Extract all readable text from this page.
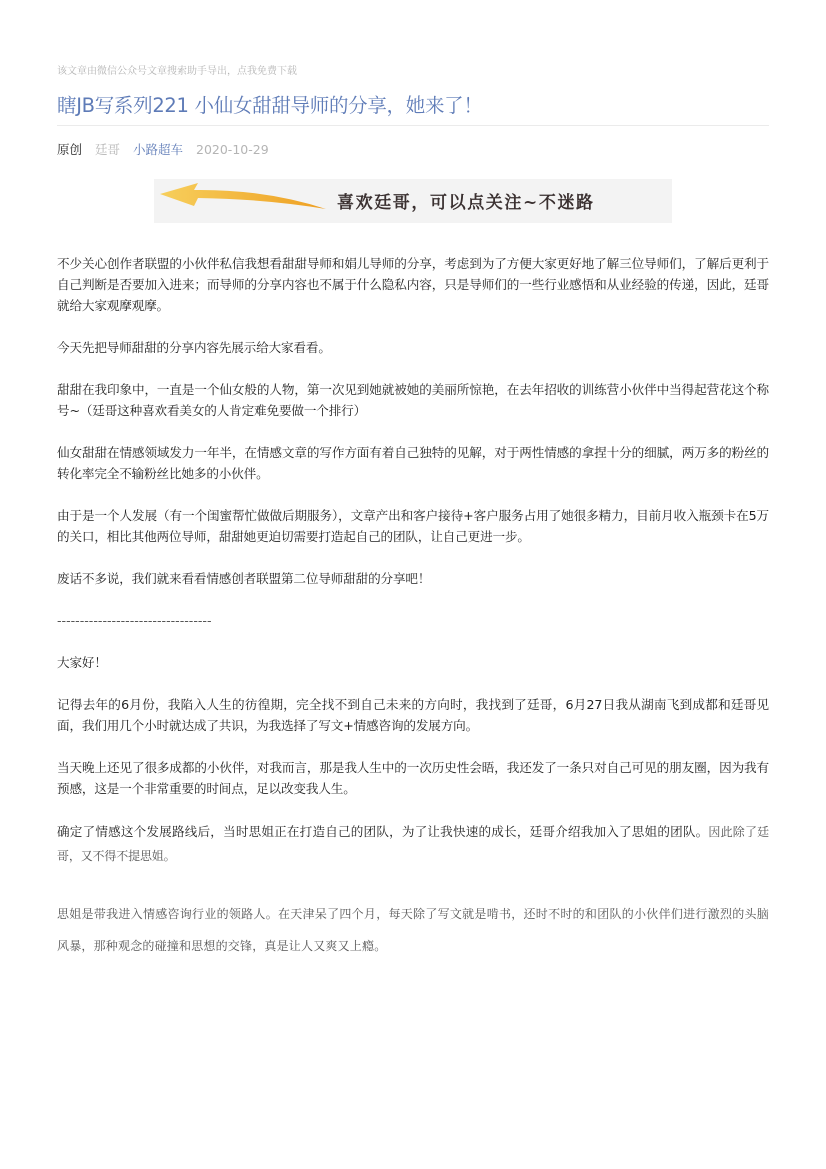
该文章由微信公众号文章搜索助手导出，点我免费下载
瞎JB写系列221 小仙女甜甜导师的分享，她来了！
原创 廷哥 小路超车 2020-10-29
喜欢廷哥，可以点关注~不迷路

不少关心创作者联盟的小伙伴私信我想看甜甜导师和娟儿导师的分享，考虑到为了方便大家更好地了解三位导师们，了解后更利于自己判断是否要加入进来；而导师的分享内容也不属于什么隐私内容，只是导师们的一些行业感悟和从业经验的传递，因此，廷哥就给大家观摩观摩。

今天先把导师甜甜的分享内容先展示给大家看看。

甜甜在我印象中，一直是一个仙女般的人物，第一次见到她就被她的美丽所惊艳，在去年招收的训练营小伙伴中当得起营花这个称号~（廷哥这种喜欢看美女的人肯定难免要做一个排行）

仙女甜甜在情感领域发力一年半，在情感文章的写作方面有着自己独特的见解，对于两性情感的拿捏十分的细腻，两万多的粉丝的转化率完全不输粉丝比她多的小伙伴。

由于是一个人发展（有一个闺蜜帮忙做做后期服务），文章产出和客户接待+客户服务占用了她很多精力，目前月收入瓶颈卡在5万的关口，相比其他两位导师，甜甜她更迫切需要打造起自己的团队，让自己更进一步。

废话不多说，我们就来看看情感创者联盟第二位导师甜甜的分享吧！

----------------------------------

大家好！

记得去年的6月份，我陷入人生的彷徨期，完全找不到自己未来的方向时，我找到了廷哥，6月27日我从湖南飞到成都和廷哥见面，我们用几个小时就达成了共识，为我选择了写文+情感咨询的发展方向。

当天晚上还见了很多成都的小伙伴，对我而言，那是我人生中的一次历史性会晤，我还发了一条只对自己可见的朋友圈，因为我有预感，这是一个非常重要的时间点，足以改变我人生。

确定了情感这个发展路线后，当时思姐正在打造自己的团队，为了让我快速的成长，廷哥介绍我加入了思姐的团队。因此除了廷哥，又不得不提思姐。

思姐是带我进入情感咨询行业的领路人。在天津呆了四个月，每天除了写文就是啃书，还时不时的和团队的小伙伴们进行激烈的头脑风暴，那种观念的碰撞和思想的交锋，真是让人又爽又上瘾。
